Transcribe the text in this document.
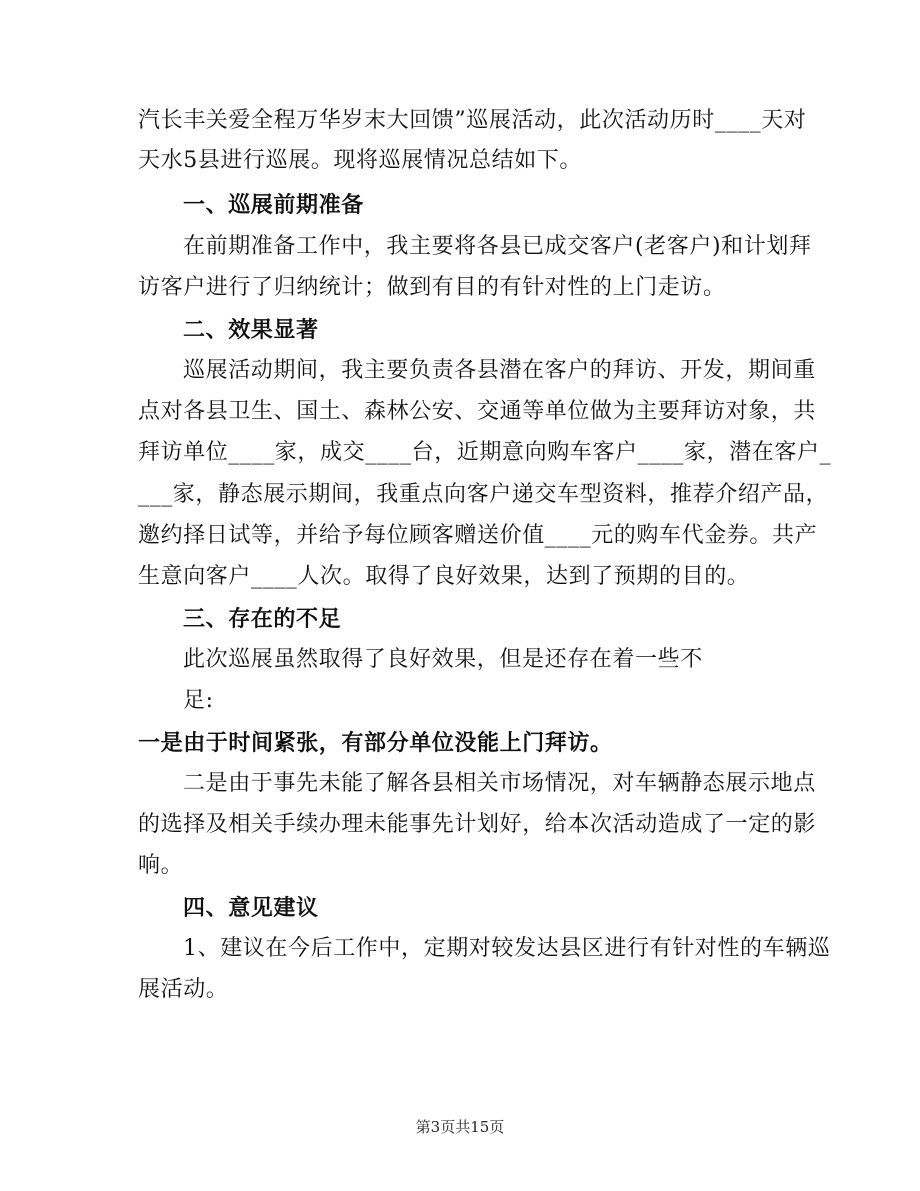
汽长丰关爱全程万华岁末大回馈”巡展活动，此次活动历时____天对
天水5县进行巡展。现将巡展情况总结如下。
一、巡展前期准备
在前期准备工作中，我主要将各县已成交客户(老客户)和计划拜
访客户进行了归纳统计；做到有目的有针对性的上门走访。
二、效果显著
巡展活动期间，我主要负责各县潜在客户的拜访、开发，期间重
点对各县卫生、国土、森林公安、交通等单位做为主要拜访对象，共
拜访单位____家，成交____台，近期意向购车客户____家，潜在客户_
___家，静态展示期间，我重点向客户递交车型资料，推荐介绍产品，
邀约择日试等，并给予每位顾客赠送价值____元的购车代金券。共产
生意向客户____人次。取得了良好效果，达到了预期的目的。
三、存在的不足
此次巡展虽然取得了良好效果，但是还存在着一些不
足:
一是由于时间紧张，有部分单位没能上门拜访。
二是由于事先未能了解各县相关市场情况，对车辆静态展示地点
的选择及相关手续办理未能事先计划好，给本次活动造成了一定的影
响。
四、意见建议
1、建议在今后工作中，定期对较发达县区进行有针对性的车辆巡
展活动。
第3页共15页
